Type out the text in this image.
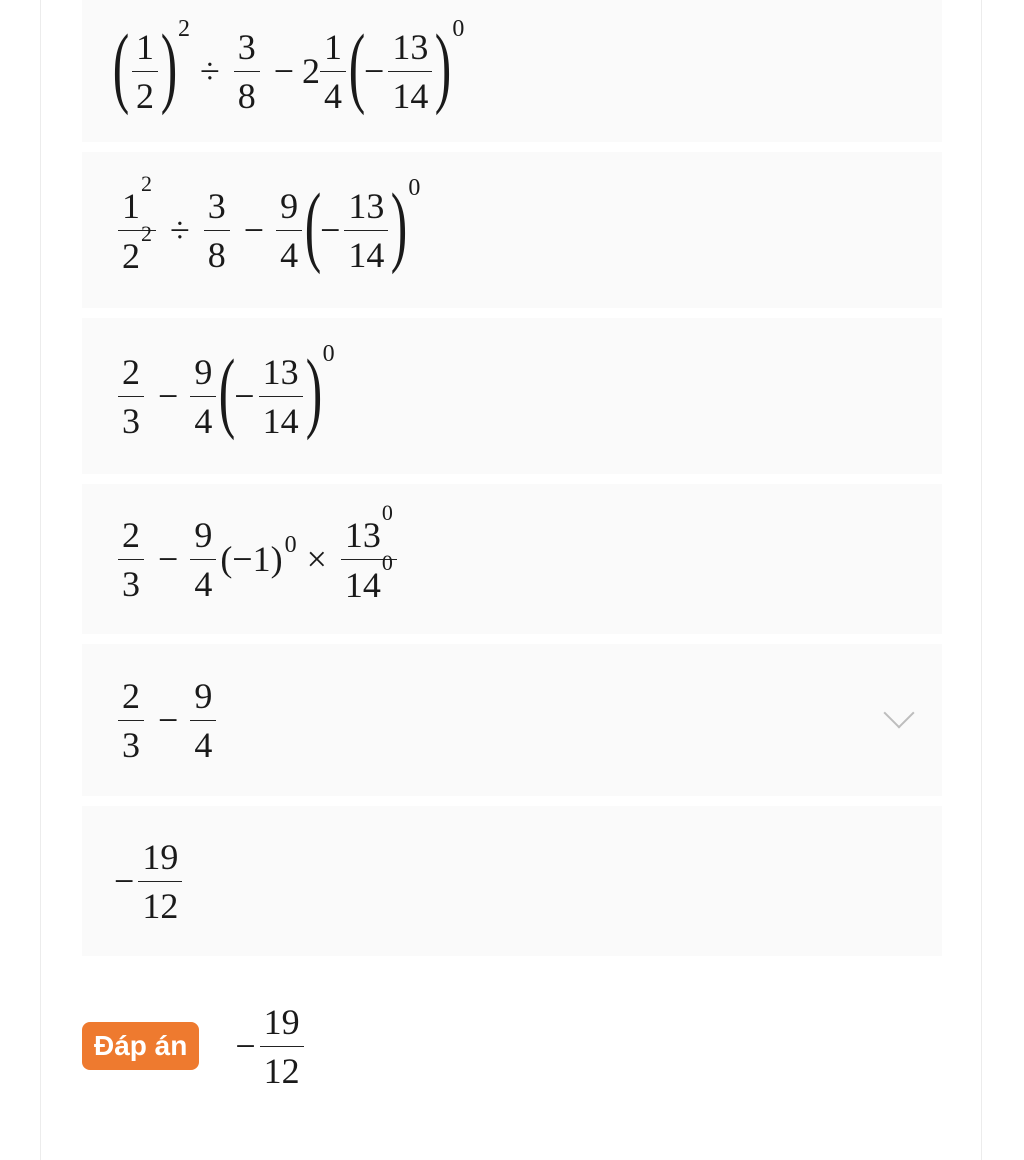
( $\frac{1}{2} )^2$
÷ $\frac{3}{8} - 2 \frac{1}{4}$ (
− $\frac{13}{14} )^0$
$\frac{1^2}{2^2} \div \frac{3}{8} - \frac{9}{4}$ (
− $\frac{13}{14} )^0$
$\frac{2}{3} - \frac{9}{4}$ (
− $\frac{13}{14} )^0$
$\frac{2}{3} - \frac{9}{4} (-1)^0 \times \frac{13^0}{14^0}$
$\frac{2}{3} - \frac{9}{4}$
− $\frac{19}{12}$
Đáp án	− $\frac{19}{12}$
